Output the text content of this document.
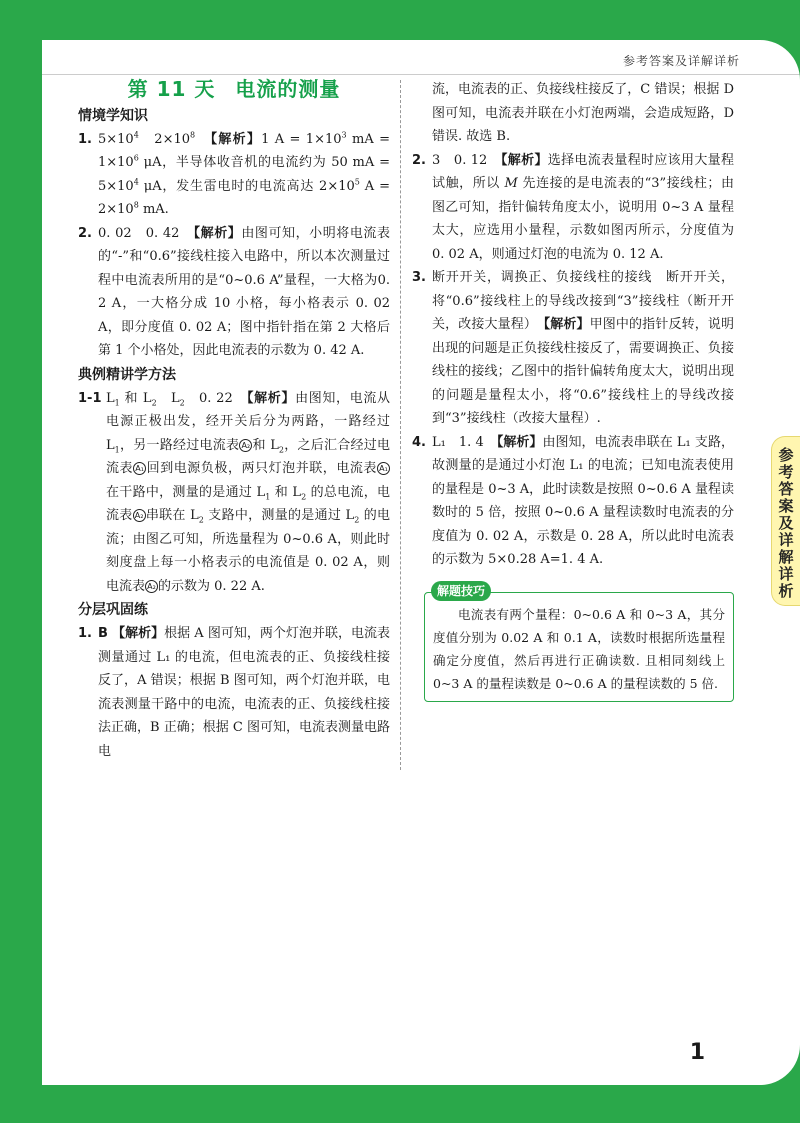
参考答案及详解详析
第 11 天 电流的测量
情境学知识
1. $5\times 10^4$　$2\times 10^8$　 【解析】1 $A = 1\times 10^3$ mA = $1\times 10^6$ μA，半导体收音机的电流约为 50 mA = $5\times 10^4$ μA，发生雷电时的电流高达 $2\times 10^5$ $A = 2\times 10^8$ mA.
2. 0. 02　0. 42　【解析】由图可知，小明将电流表的“-”和“0.6”接线柱接入电路中，所以本次测量过程中电流表所用的是“0~0.6 A”量程，一大格为0. 2 A，一大格分成 10 小格，每小格表示 0. 02 A，即分度值 0. 02 A；图中指针指在第 2 大格后第 1 个小格处，因此电流表的示数为 0. 42 A.
典例精讲学方法
1-1 $L_1$ 和 $L_2$　$L_2$　0. 22　【解析】由图知，电流从电源正极出发，经开关后分为两路，一路经过 $L_1$，另一路经过电流表 A₂ 和 $L_2$，之后汇合经过电流表 A₁ 回到电源负极，两只灯泡并联，电流表 A₁在干路中，测量的是通过 $L_1$ 和 $L_2$ 的总电流，电流表 A₂ 串联在 $L_2$ 支路中，测量的是通过 $L_2$ 的电流；由图乙可知，所选量程为 0~0.6 A，则此时刻度盘上每一小格表示的电流值是 0. 02 A，则电流表 A₂ 的示数为 0. 22 A.
分层巩固练
1. B 【解析】根据 A 图可知，两个灯泡并联，电流表测量通过 L₁ 的电流，但电流表的正、负接线柱接反了，A 错误；根据 B 图可知，两个灯泡并联，电流表测量干路中的电流，电流表的正、负接线柱接法正确，B 正确；根据 C 图可知，电流表测量电路电
流，电流表的正、负接线柱接反了，C 错误；根据 D 图可知，电流表并联在小灯泡两端，会造成短路，D 错误. 故选 B.
2. 3　0. 12　【解析】选择电流表量程时应该用大量程试触，所以 M 先连接的是电流表的“3”接线柱；由图乙可知，指针偏转角度太小，说明用 0~3 A 量程太大，应选用小量程，示数如图丙所示，分度值为 0. 02 A，则通过灯泡的电流为 0. 12 A.
3. 断开开关，调换正、负接线柱的接线　断开开关，将“0.6”接线柱上的导线改接到“3”接线柱（断开开关，改接大量程）　【解析】甲图中的指针反转，说明出现的问题是正负接线柱接反了，需要调换正、负接线柱的接线；乙图中的指针偏转角度太大，说明出现的问题是量程太小，将“0.6”接线柱上的导线改接到“3”接线柱（改接大量程）.
4. L₁　1. 4　【解析】由图知，电流表串联在 L₁ 支路，故测量的是通过小灯泡 L₁ 的电流；已知电流表使用的量程是 0~3 A，此时读数是按照 0~0.6 A 量程读数时的 5 倍，按照 0~0.6 A 量程读数时电流表的分度值为 0. 02 A，示数是 0. 28 A，所以此时电流表的示数为 5×0.28 A=1. 4 A.
解题技巧
电流表有两个量程：0~0.6 A 和 0~3 A，其分度值分别为 0.02 A 和 0.1 A，读数时根据所选量程确定分度值，然后再进行正确读数. 且相同刻线上 0~3 A 的量程读数是 0~0.6 A 的量程读数的 5 倍.
参考答案及详解详析
1
